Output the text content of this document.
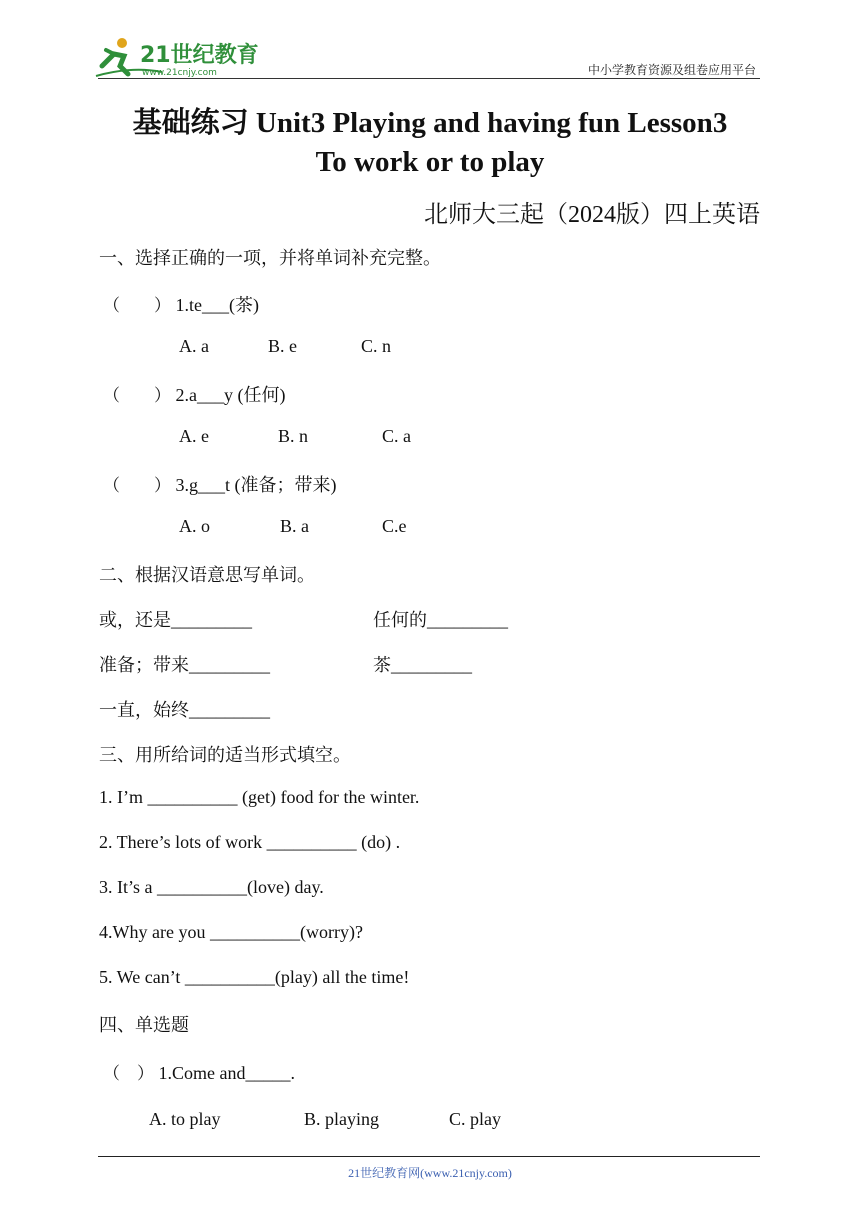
21世纪教育
www.21cnjy.com	中小学教育资源及组卷应用平台
基础练习 Unit3 Playing and having fun Lesson3
To work or to play
北师大三起（2024版）四上英语
一、选择正确的一项，并将单词补充完整。
（　　） 1.te___(茶)
A. a	B. e	C. n
（　　） 2.a___y (任何)
A. e	B. n	C. a
（　　） 3.g___t (准备；带来)
A. o	B. a	C.e
二、根据汉语意思写单词。
或，还是_________	任何的_________
准备；带来_________	茶_________
一直，始终_________
三、用所给词的适当形式填空。
1. I’m __________ (get) food for the winter.
2. There’s lots of work __________ (do) .
3. It’s a __________(love) day.
4.Why are you __________(worry)?
5. We can’t __________(play) all the time!
四、单选题
（　） 1.Come and_____.
A. to play	B. playing	C. play
21世纪教育网(www.21cnjy.com)
